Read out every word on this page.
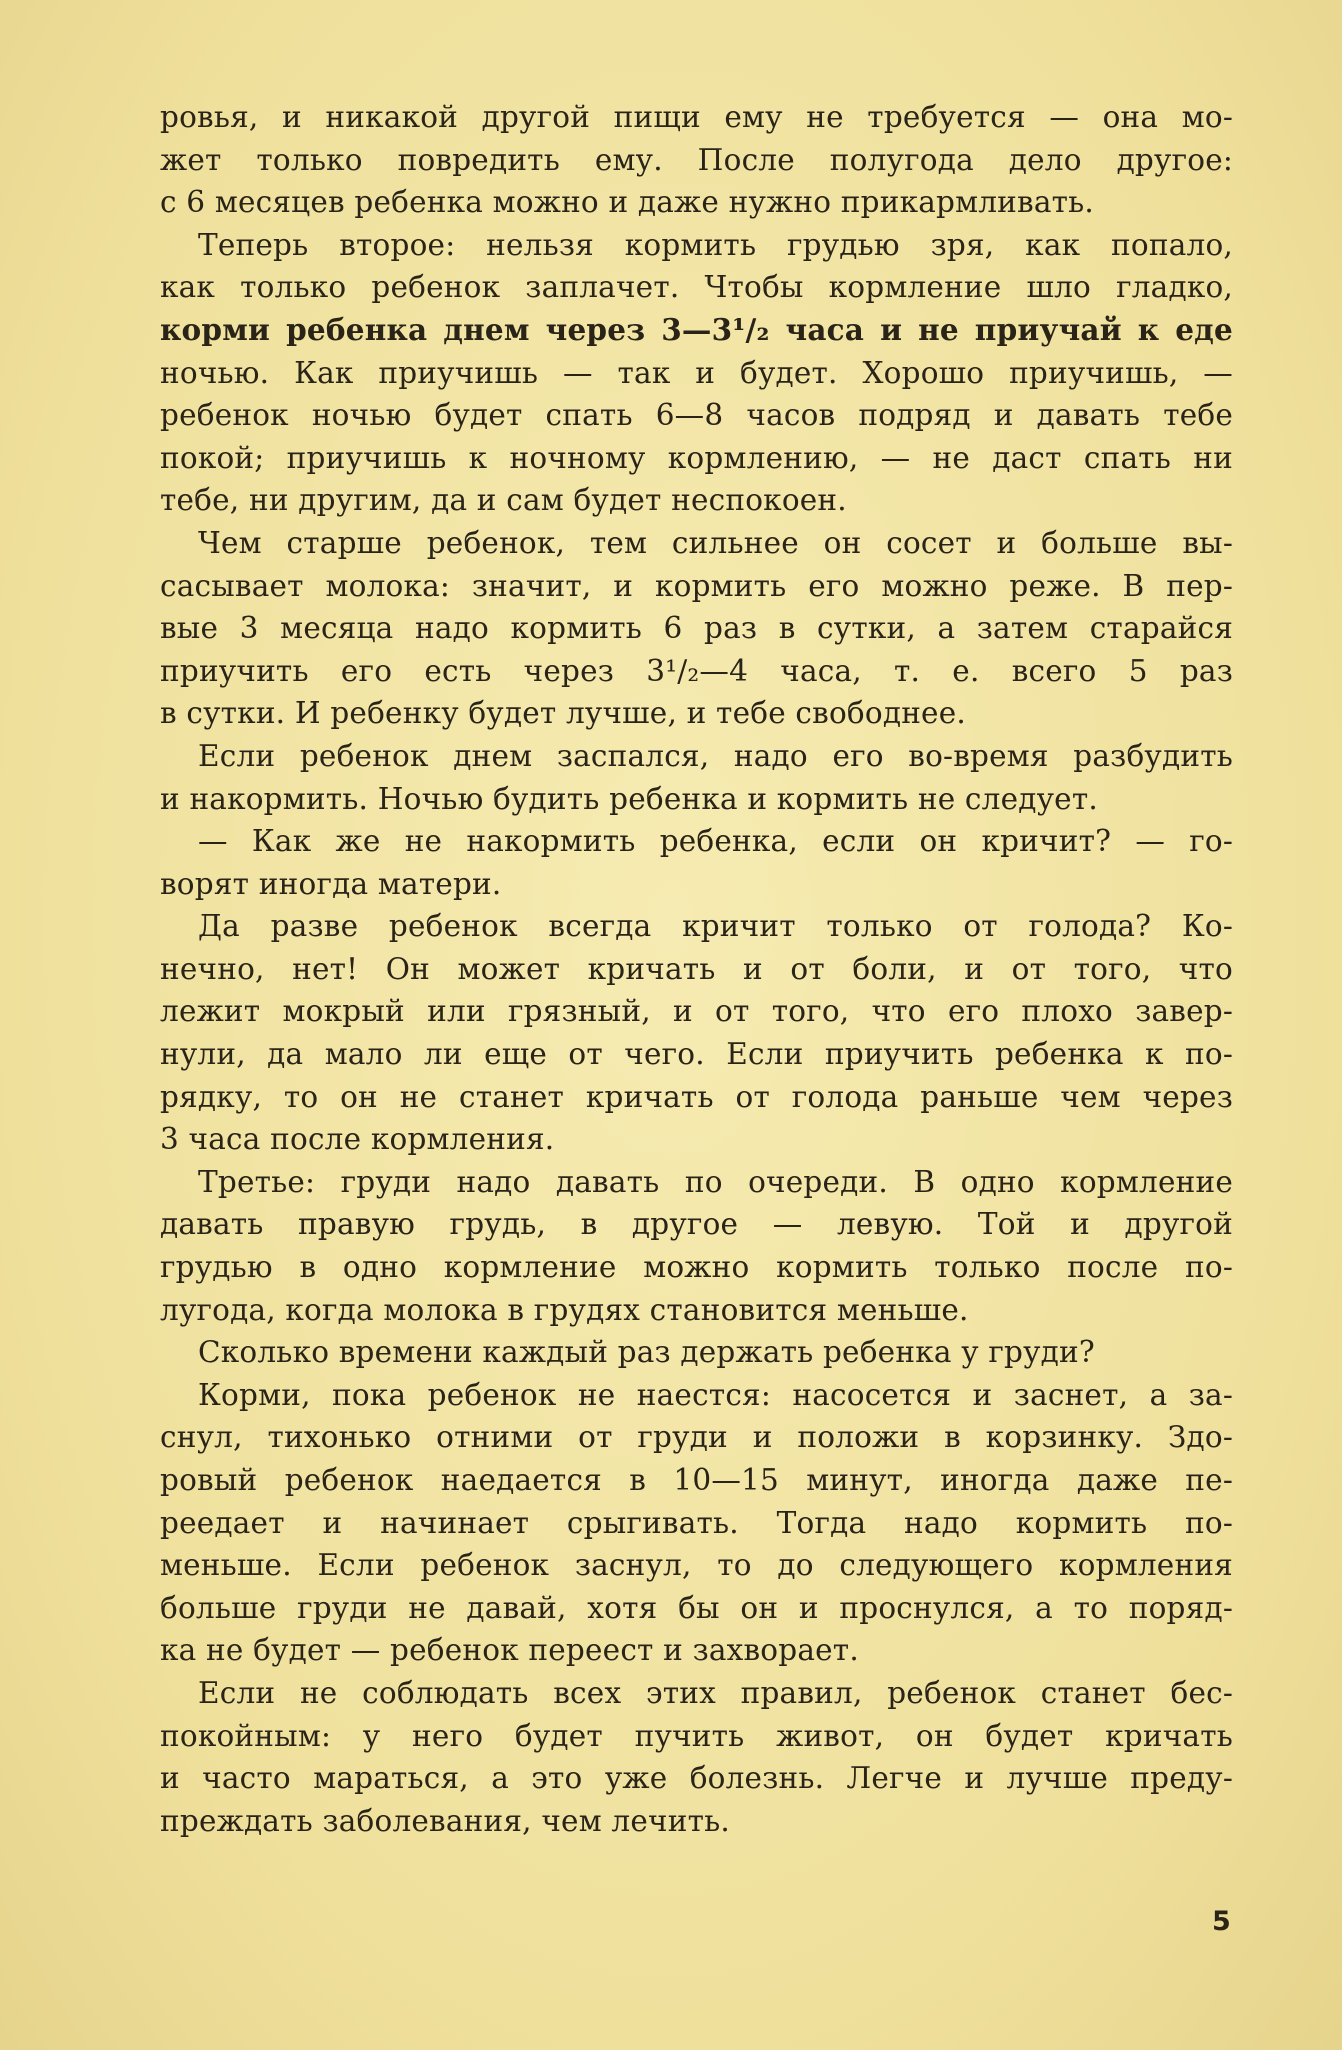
ровья, и никакой другой пищи ему не требуется — она мо-
жет только повредить ему. После полугода дело другое:
с 6 месяцев ребенка можно и даже нужно прикармливать.
Теперь второе: нельзя кормить грудью зря, как попало,
как только ребенок заплачет. Чтобы кормление шло гладко,
корми ребенка днем через 3—3¹/₂ часа и не приучай к еде
ночью. Как приучишь — так и будет. Хорошо приучишь, —
ребенок ночью будет спать 6—8 часов подряд и давать тебе
покой; приучишь к ночному кормлению, — не даст спать ни
тебе, ни другим, да и сам будет неспокоен.
Чем старше ребенок, тем сильнее он сосет и больше вы-
сасывает молока: значит, и кормить его можно реже. В пер-
вые 3 месяца надо кормить 6 раз в сутки, а затем старайся
приучить его есть через 3¹/₂—4 часа, т. е. всего 5 раз
в сутки. И ребенку будет лучше, и тебе свободнее.
Если ребенок днем заспался, надо его во-время разбудить
и накормить. Ночью будить ребенка и кормить не следует.
— Как же не накормить ребенка, если он кричит? — го-
ворят иногда матери.
Да разве ребенок всегда кричит только от голода? Ко-
нечно, нет! Он может кричать и от боли, и от того, что
лежит мокрый или грязный, и от того, что его плохо завер-
нули, да мало ли еще от чего. Если приучить ребенка к по-
рядку, то он не станет кричать от голода раньше чем через
3 часа после кормления.
Третье: груди надо давать по очереди. В одно кормление
давать правую грудь, в другое — левую. Той и другой
грудью в одно кормление можно кормить только после по-
лугода, когда молока в грудях становится меньше.
Сколько времени каждый раз держать ребенка у груди?
Корми, пока ребенок не наестся: насосется и заснет, а за-
снул, тихонько отними от груди и положи в корзинку. Здо-
ровый ребенок наедается в 10—15 минут, иногда даже пе-
реедает и начинает срыгивать. Тогда надо кормить по-
меньше. Если ребенок заснул, то до следующего кормления
больше груди не давай, хотя бы он и проснулся, а то поряд-
ка не будет — ребенок переест и захворает.
Если не соблюдать всех этих правил, ребенок станет бес-
покойным: у него будет пучить живот, он будет кричать
и часто мараться, а это уже болезнь. Легче и лучше преду-
преждать заболевания, чем лечить.
5
